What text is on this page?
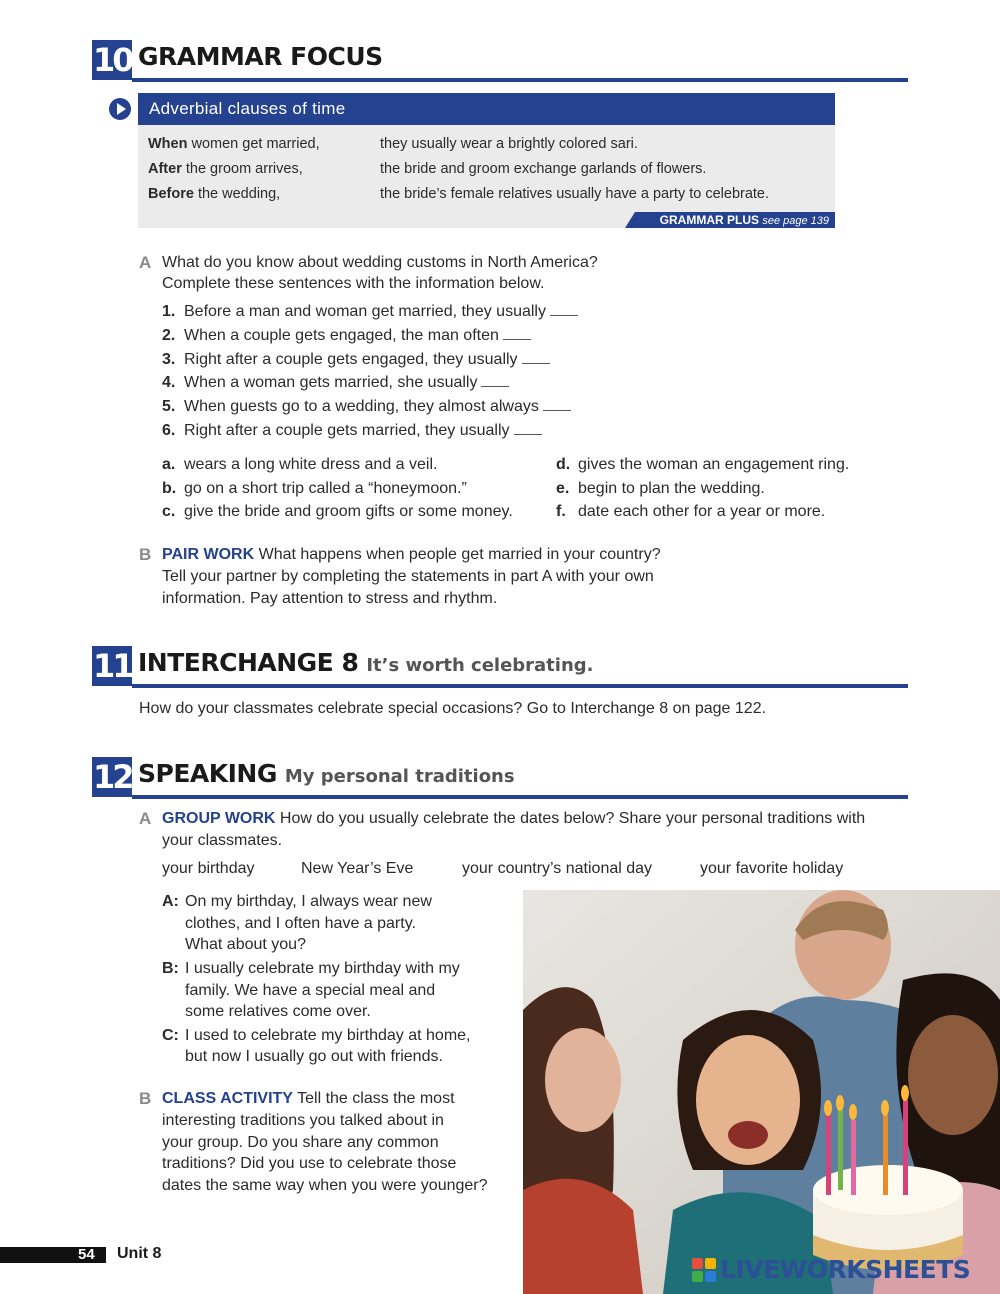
10 GRAMMAR FOCUS
Adverbial clauses of time
When women get married,	they usually wear a brightly colored sari.
After the groom arrives,	the bride and groom exchange garlands of flowers.
Before the wedding,	the bride’s female relatives usually have a party to celebrate.
GRAMMAR PLUS see page 139
A What do you know about wedding customs in North America?
Complete these sentences with the information below.
1. Before a man and woman get married, they usually
2. When a couple gets engaged, the man often
3. Right after a couple gets engaged, they usually
4. When a woman gets married, she usually
5. When guests go to a wedding, they almost always
6. Right after a couple gets married, they usually
a. wears a long white dress and a veil.
b. go on a short trip called a “honeymoon.”
c. give the bride and groom gifts or some money.
d. gives the woman an engagement ring.
e. begin to plan the wedding.
f. date each other for a year or more.
B PAIR WORK What happens when people get married in your country?
Tell your partner by completing the statements in part A with your own
information. Pay attention to stress and rhythm.
11 INTERCHANGE 8 It’s worth celebrating.
How do your classmates celebrate special occasions? Go to Interchange 8 on page 122.
12 SPEAKING My personal traditions
A GROUP WORK How do you usually celebrate the dates below? Share your personal traditions with
your classmates.
your birthday	New Year’s Eve	your country’s national day	your favorite holiday
A: On my birthday, I always wear new
clothes, and I often have a party.
What about you?
B: I usually celebrate my birthday with my
family. We have a special meal and
some relatives come over.
C: I used to celebrate my birthday at home,
but now I usually go out with friends.
B CLASS ACTIVITY Tell the class the most
interesting traditions you talked about in
your group. Do you share any common
traditions? Did you use to celebrate those
dates the same way when you were younger?
54 Unit 8
LIVEWORKSHEETS
